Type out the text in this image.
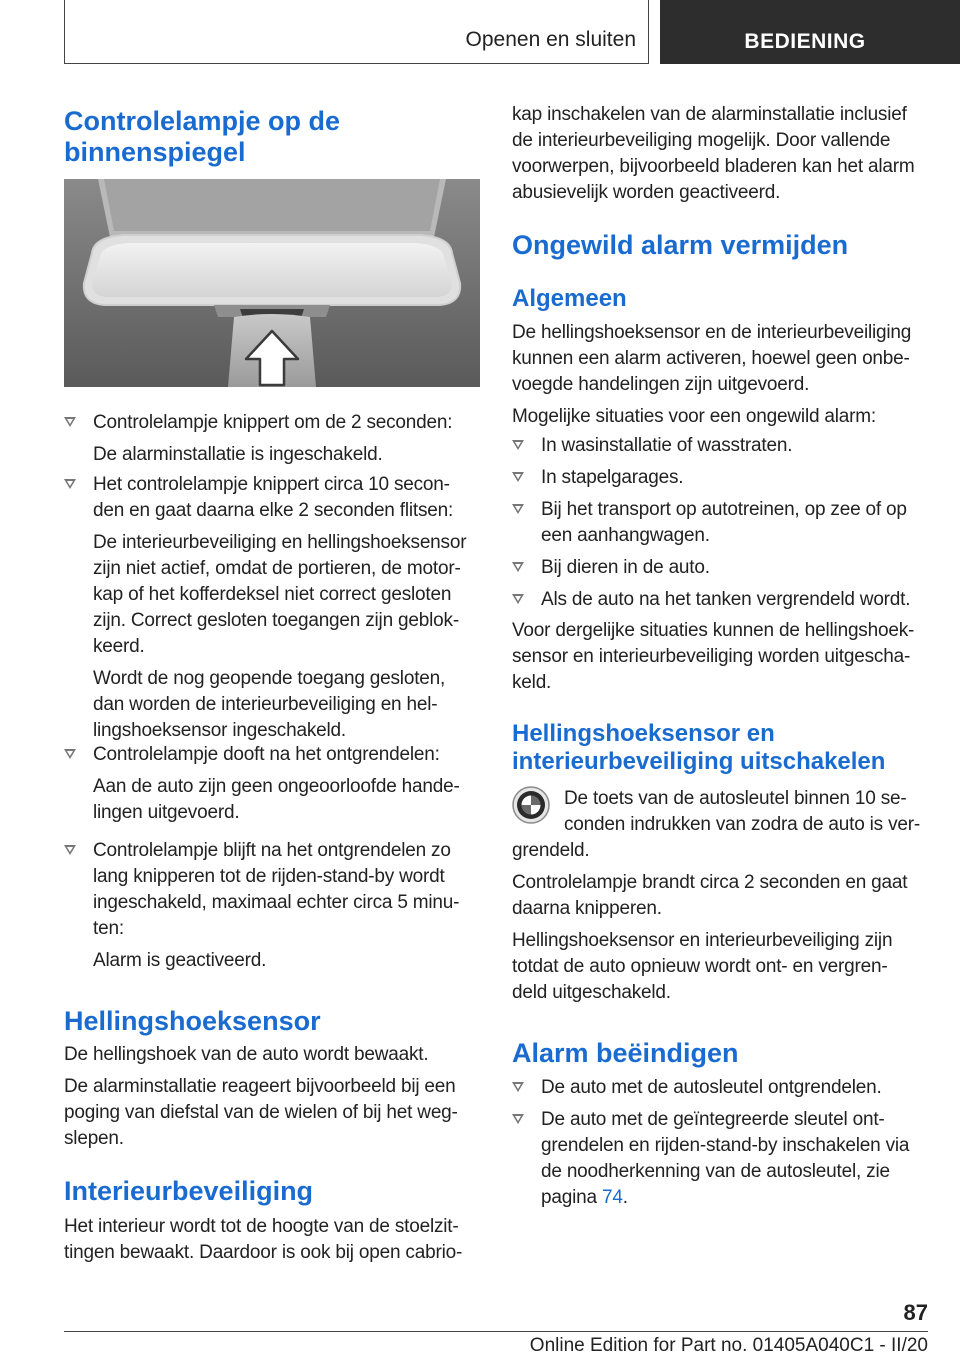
Openen en sluiten	BEDIENING
Controlelampje op de
binnenspiegel
Controlelampje knippert om de 2 seconden:
De alarminstallatie is ingeschakeld.
Het controlelampje knippert circa 10 secon-
den en gaat daarna elke 2 seconden flitsen:
De interieurbeveiliging en hellingshoeksensor
zijn niet actief, omdat de portieren, de motor-
kap of het kofferdeksel niet correct gesloten
zijn. Correct gesloten toegangen zijn geblok-
keerd.
Wordt de nog geopende toegang gesloten,
dan worden de interieurbeveiliging en hel-
lingshoeksensor ingeschakeld.
Controlelampje dooft na het ontgrendelen:
Aan de auto zijn geen ongeoorloofde hande-
lingen uitgevoerd.
Controlelampje blijft na het ontgrendelen zo
lang knipperen tot de rijden-stand-by wordt
ingeschakeld, maximaal echter circa 5 minu-
ten:
Alarm is geactiveerd.
Hellingshoeksensor
De hellingshoek van de auto wordt bewaakt.
De alarminstallatie reageert bijvoorbeeld bij een
poging van diefstal van de wielen of bij het weg-
slepen.
Interieurbeveiliging
Het interieur wordt tot de hoogte van de stoelzit-
tingen bewaakt. Daardoor is ook bij open cabrio-
kap inschakelen van de alarminstallatie inclusief
de interieurbeveiliging mogelijk. Door vallende
voorwerpen, bijvoorbeeld bladeren kan het alarm
abusievelijk worden geactiveerd.
Ongewild alarm vermijden
Algemeen
De hellingshoeksensor en de interieurbeveiliging
kunnen een alarm activeren, hoewel geen onbe-
voegde handelingen zijn uitgevoerd.
Mogelijke situaties voor een ongewild alarm:
In wasinstallatie of wasstraten.
In stapelgarages.
Bij het transport op autotreinen, op zee of op
een aanhangwagen.
Bij dieren in de auto.
Als de auto na het tanken vergrendeld wordt.
Voor dergelijke situaties kunnen de hellingshoek-
sensor en interieurbeveiliging worden uitgescha-
keld.
Hellingshoeksensor en
interieurbeveiliging uitschakelen
De toets van de autosleutel binnen 10 se-
conden indrukken van zodra de auto is ver-
grendeld.
Controlelampje brandt circa 2 seconden en gaat
daarna knipperen.
Hellingshoeksensor en interieurbeveiliging zijn
totdat de auto opnieuw wordt ont- en vergren-
deld uitgeschakeld.
Alarm beëindigen
De auto met de autosleutel ontgrendelen.
De auto met de geïntegreerde sleutel ont-
grendelen en rijden-stand-by inschakelen via
de noodherkenning van de autosleutel, zie
pagina 74.
87
Online Edition for Part no. 01405A040C1 - II/20
